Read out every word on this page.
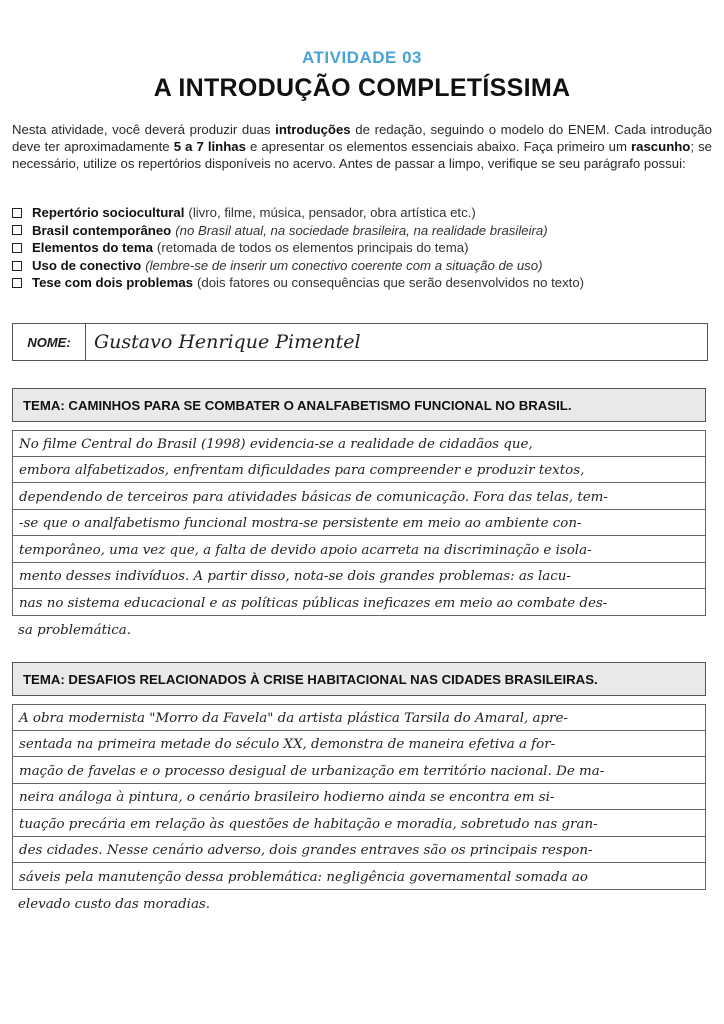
ATIVIDADE 03
A INTRODUÇÃO COMPLETÍSSIMA
Nesta atividade, você deverá produzir duas introduções de redação, seguindo o modelo do ENEM. Cada introdução deve ter aproximadamente 5 a 7 linhas e apresentar os elementos essenciais abaixo. Faça primeiro um rascunho; se necessário, utilize os repertórios disponíveis no acervo. Antes de passar a limpo, verifique se seu parágrafo possui:
Repertório sociocultural (livro, filme, música, pensador, obra artística etc.)
Brasil contemporâneo (no Brasil atual, na sociedade brasileira, na realidade brasileira)
Elementos do tema (retomada de todos os elementos principais do tema)
Uso de conectivo (lembre-se de inserir um conectivo coerente com a situação de uso)
Tese com dois problemas (dois fatores ou consequências que serão desenvolvidos no texto)
NOME:	Gustavo Henrique Pimentel
TEMA: CAMINHOS PARA SE COMBATER O ANALFABETISMO FUNCIONAL NO BRASIL.
No filme Central do Brasil (1998) evidencia-se a realidade de cidadãos que,
embora alfabetizados, enfrentam dificuldades para compreender e produzir textos,
dependendo de terceiros para atividades básicas de comunicação. Fora das telas, tem-
-se que o analfabetismo funcional mostra-se persistente em meio ao ambiente con-
temporâneo, uma vez que, a falta de devido apoio acarreta na discriminação e isola-
mento desses indivíduos. A partir disso, nota-se dois grandes problemas: as lacu-
nas no sistema educacional e as políticas públicas ineficazes em meio ao combate des-
sa problemática.
TEMA: DESAFIOS RELACIONADOS À CRISE HABITACIONAL NAS CIDADES BRASILEIRAS.
A obra modernista "Morro da Favela" da artista plástica Tarsila do Amaral, apre-
sentada na primeira metade do século XX, demonstra de maneira efetiva a for-
mação de favelas e o processo desigual de urbanização em território nacional. De ma-
neira análoga à pintura, o cenário brasileiro hodierno ainda se encontra em si-
tuação precária em relação às questões de habitação e moradia, sobretudo nas gran-
des cidades. Nesse cenário adverso, dois grandes entraves são os principais respon-
sáveis pela manutenção dessa problemática: negligência governamental somada ao
elevado custo das moradias.
